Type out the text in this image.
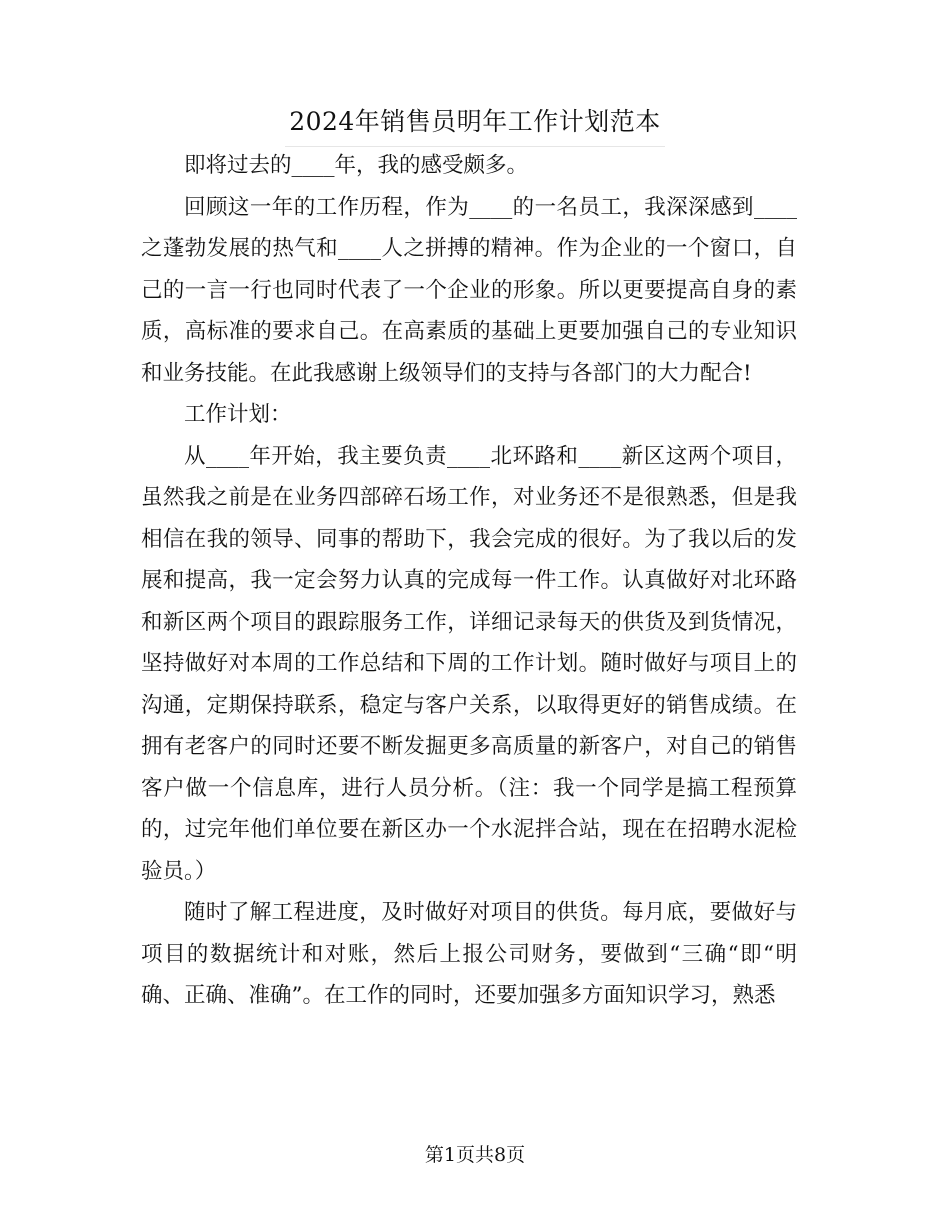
2024年销售员明年工作计划范本

即将过去的____年，我的感受颇多。

回顾这一年的工作历程，作为____的一名员工，我深深感到____之蓬勃发展的热气和____人之拼搏的精神。作为企业的一个窗口，自己的一言一行也同时代表了一个企业的形象。所以更要提高自身的素质，高标准的要求自己。在高素质的基础上更要加强自己的专业知识和业务技能。在此我感谢上级领导们的支持与各部门的大力配合!

工作计划：

从____年开始，我主要负责____北环路和____新区这两个项目，虽然我之前是在业务四部碎石场工作，对业务还不是很熟悉，但是我相信在我的领导、同事的帮助下，我会完成的很好。为了我以后的发展和提高，我一定会努力认真的完成每一件工作。认真做好对北环路和新区两个项目的跟踪服务工作，详细记录每天的供货及到货情况，坚持做好对本周的工作总结和下周的工作计划。随时做好与项目上的沟通，定期保持联系，稳定与客户关系，以取得更好的销售成绩。在拥有老客户的同时还要不断发掘更多高质量的新客户，对自己的销售客户做一个信息库，进行人员分析。（注：我一个同学是搞工程预算的，过完年他们单位要在新区办一个水泥拌合站，现在在招聘水泥检验员。）

随时了解工程进度，及时做好对项目的供货。每月底，要做好与项目的数据统计和对账，然后上报公司财务，要做到“三确“即“明确、正确、准确”。在工作的同时，还要加强多方面知识学习，熟悉

第1页共8页
